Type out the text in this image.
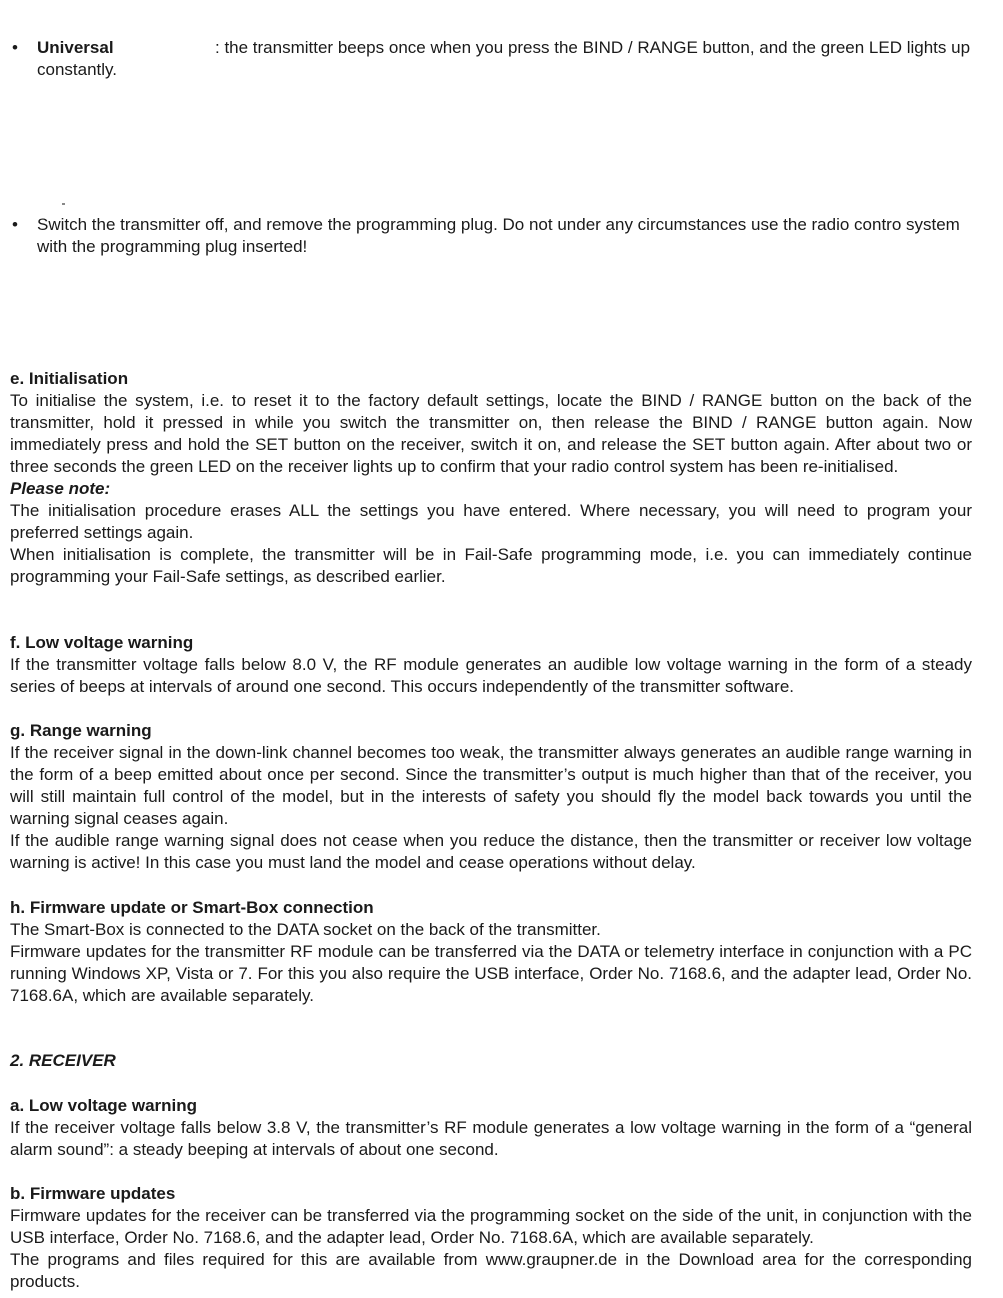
• Universal	: the transmitter beeps once when you press the BIND / RANGE button, and the green LED lights up constantly.
• Switch the transmitter off, and remove the programming plug. Do not under any circumstances use the radio contro system with the programming plug inserted!
e. Initialisation

To initialise the system, i.e. to reset it to the factory default settings, locate the BIND / RANGE button on the back of the transmitter, hold it pressed in while you switch the transmitter on, then release the BIND / RANGE button again. Now immediately press and hold the SET button on the receiver, switch it on, and release the SET button again. After about two or three seconds the green LED on the receiver lights up to confirm that your radio control system has been re-initialised.

Please note:

The initialisation procedure erases ALL the settings you have entered. Where necessary, you will need to program your preferred settings again.

When initialisation is complete, the transmitter will be in Fail-Safe programming mode, i.e. you can immediately continue programming your Fail-Safe settings, as described earlier.

f. Low voltage warning

If the transmitter voltage falls below 8.0 V, the RF module generates an audible low voltage warning in the form of a steady series of beeps at intervals of around one second. This occurs independently of the transmitter software.

g. Range warning

If the receiver signal in the down-link channel becomes too weak, the transmitter always generates an audible range warning in the form of a beep emitted about once per second. Since the transmitter’s output is much higher than that of the receiver, you will still maintain full control of the model, but in the interests of safety you should fly the model back towards you until the warning signal ceases again.

If the audible range warning signal does not cease when you reduce the distance, then the transmitter or receiver low voltage warning is active! In this case you must land the model and cease operations without delay.

h. Firmware update or Smart-Box connection

The Smart-Box is connected to the DATA socket on the back of the transmitter.

Firmware updates for the transmitter RF module can be transferred via the DATA or telemetry interface in conjunction with a PC running Windows XP, Vista or 7. For this you also require the USB interface, Order No. 7168.6, and the adapter lead, Order No. 7168.6A, which are available separately.

2. RECEIVER
a. Low voltage warning

If the receiver voltage falls below 3.8 V, the transmitter’s RF module generates a low voltage warning in the form of a “general alarm sound”: a steady beeping at intervals of about one second.

b. Firmware updates

Firmware updates for the receiver can be transferred via the programming socket on the side of the unit, in conjunction with the USB interface, Order No. 7168.6, and the adapter lead, Order No. 7168.6A, which are available separately.

The programs and files required for this are available from www.graupner.de in the Download area for the corresponding products.
